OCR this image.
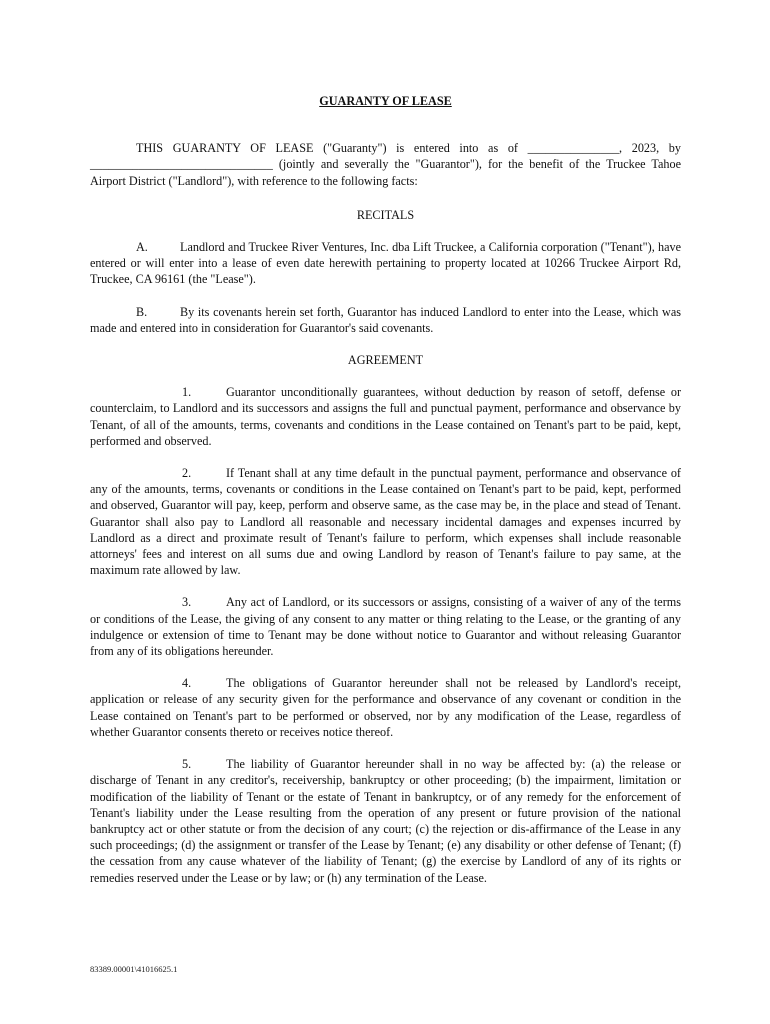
GUARANTY OF LEASE

THIS GUARANTY OF LEASE ("Guaranty") is entered into as of _______________, 2023, by ______________________________ (jointly and severally the "Guarantor"), for the benefit of the Truckee Tahoe Airport District ("Landlord"), with reference to the following facts:

RECITALS

A.	Landlord and Truckee River Ventures, Inc. dba Lift Truckee, a California corporation ("Tenant"), have entered or will enter into a lease of even date herewith pertaining to property located at 10266 Truckee Airport Rd, Truckee, CA 96161 (the "Lease").

B.	By its covenants herein set forth, Guarantor has induced Landlord to enter into the Lease, which was made and entered into in consideration for Guarantor's said covenants.

AGREEMENT

1.	Guarantor unconditionally guarantees, without deduction by reason of setoff, defense or counterclaim, to Landlord and its successors and assigns the full and punctual payment, performance and observance by Tenant, of all of the amounts, terms, covenants and conditions in the Lease contained on Tenant's part to be paid, kept, performed and observed.

2.	If Tenant shall at any time default in the punctual payment, performance and observance of any of the amounts, terms, covenants or conditions in the Lease contained on Tenant's part to be paid, kept, performed and observed, Guarantor will pay, keep, perform and observe same, as the case may be, in the place and stead of Tenant. Guarantor shall also pay to Landlord all reasonable and necessary incidental damages and expenses incurred by Landlord as a direct and proximate result of Tenant's failure to perform, which expenses shall include reasonable attorneys' fees and interest on all sums due and owing Landlord by reason of Tenant's failure to pay same, at the maximum rate allowed by law.

3.	Any act of Landlord, or its successors or assigns, consisting of a waiver of any of the terms or conditions of the Lease, the giving of any consent to any matter or thing relating to the Lease, or the granting of any indulgence or extension of time to Tenant may be done without notice to Guarantor and without releasing Guarantor from any of its obligations hereunder.

4.	The obligations of Guarantor hereunder shall not be released by Landlord's receipt, application or release of any security given for the performance and observance of any covenant or condition in the Lease contained on Tenant's part to be performed or observed, nor by any modification of the Lease, regardless of whether Guarantor consents thereto or receives notice thereof.

5.	The liability of Guarantor hereunder shall in no way be affected by: (a) the release or discharge of Tenant in any creditor's, receivership, bankruptcy or other proceeding; (b) the impairment, limitation or modification of the liability of Tenant or the estate of Tenant in bankruptcy, or of any remedy for the enforcement of Tenant's liability under the Lease resulting from the operation of any present or future provision of the national bankruptcy act or other statute or from the decision of any court; (c) the rejection or dis-affirmance of the Lease in any such proceedings; (d) the assignment or transfer of the Lease by Tenant; (e) any disability or other defense of Tenant; (f) the cessation from any cause whatever of the liability of Tenant; (g) the exercise by Landlord of any of its rights or remedies reserved under the Lease or by law; or (h) any termination of the Lease.

83389.00001\41016625.1
